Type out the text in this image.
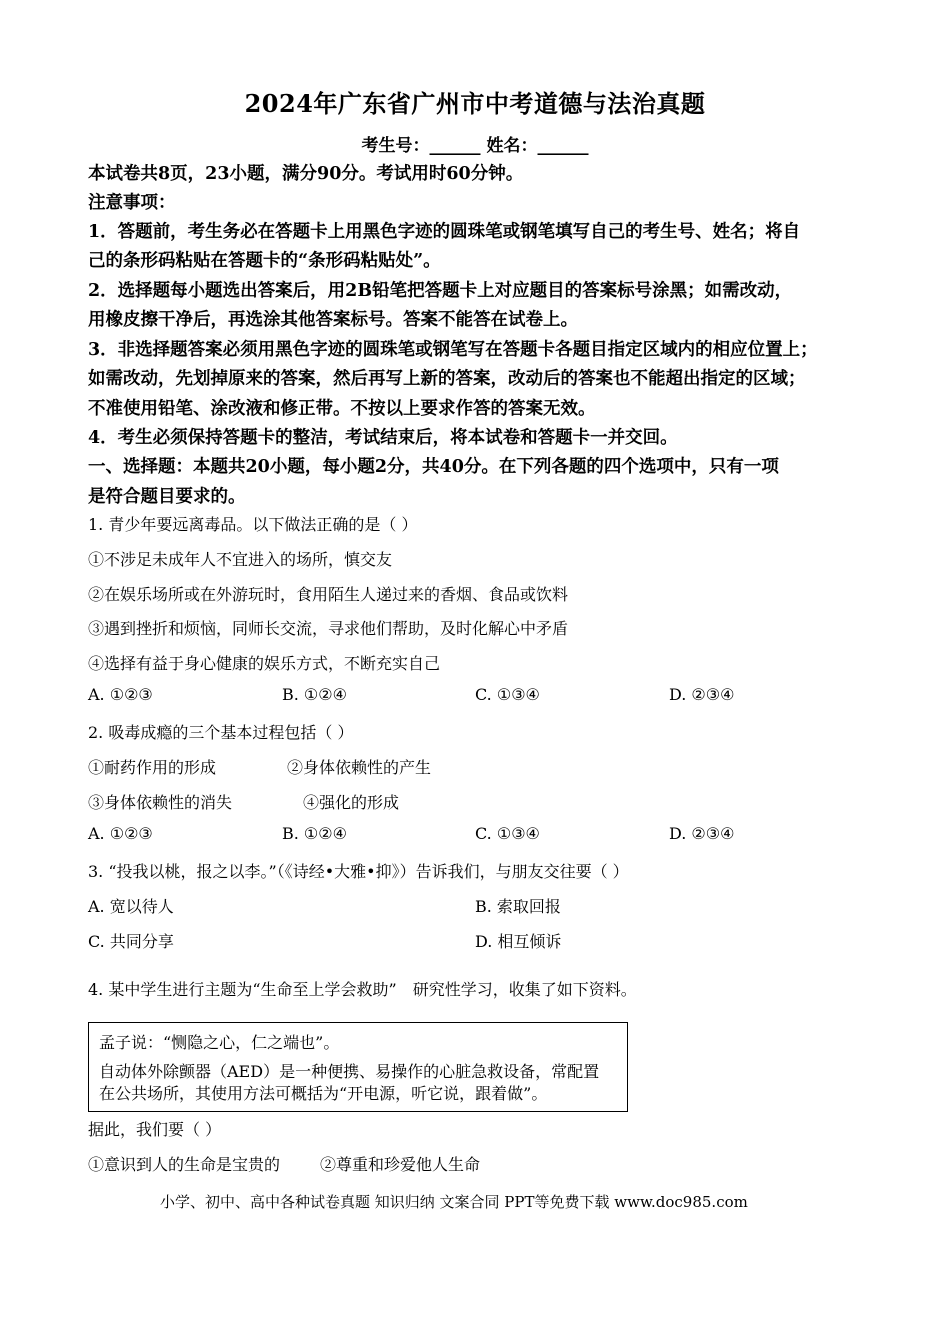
2024年广东省广州市中考道德与法治真题
考生号：______ 姓名：______
本试卷共8页，23小题，满分90分。考试用时60分钟。
注意事项：
1．答题前，考生务必在答题卡上用黑色字迹的圆珠笔或钢笔填写自己的考生号、姓名；将自
己的条形码粘贴在答题卡的“条形码粘贴处”。
2．选择题每小题选出答案后，用2B铅笔把答题卡上对应题目的答案标号涂黑；如需改动，
用橡皮擦干净后，再选涂其他答案标号。答案不能答在试卷上。
3．非选择题答案必须用黑色字迹的圆珠笔或钢笔写在答题卡各题目指定区域内的相应位置上；
如需改动，先划掉原来的答案，然后再写上新的答案，改动后的答案也不能超出指定的区域；
不准使用铅笔、涂改液和修正带。不按以上要求作答的答案无效。
4．考生必须保持答题卡的整洁，考试结束后，将本试卷和答题卡一并交回。
一、选择题：本题共20小题，每小题2分，共40分。在下列各题的四个选项中，只有一项
是符合题目要求的。
1. 青少年要远离毒品。以下做法正确的是（ ）
①不涉足未成年人不宜进入的场所，慎交友
②在娱乐场所或在外游玩时，食用陌生人递过来的香烟、食品或饮料
③遇到挫折和烦恼，同师长交流，寻求他们帮助，及时化解心中矛盾
④选择有益于身心健康的娱乐方式，不断充实自己
A. ①②③	B. ①②④	C. ①③④	D. ②③④
2. 吸毒成瘾的三个基本过程包括（ ）
①耐药作用的形成	②身体依赖性的产生
③身体依赖性的消失	④强化的形成
A. ①②③	B. ①②④	C. ①③④	D. ②③④
3. “投我以桃，报之以李。”（《诗经•大雅•抑》）告诉我们，与朋友交往要（ ）
A. 宽以待人	B. 索取回报
C. 共同分享	D. 相互倾诉
4. 某中学生进行主题为“生命至上学会救助”　研究性学习，收集了如下资料。
孟子说：“恻隐之心，仁之端也”。
自动体外除颤器（AED）是一种便携、易操作的心脏急救设备，常配置
在公共场所，其使用方法可概括为“开电源，听它说，跟着做”。
据此，我们要（ ）
①意识到人的生命是宝贵的 ②尊重和珍爱他人生命
小学、初中、高中各种试卷真题 知识归纳 文案合同 PPT等免费下载 www.doc985.com
